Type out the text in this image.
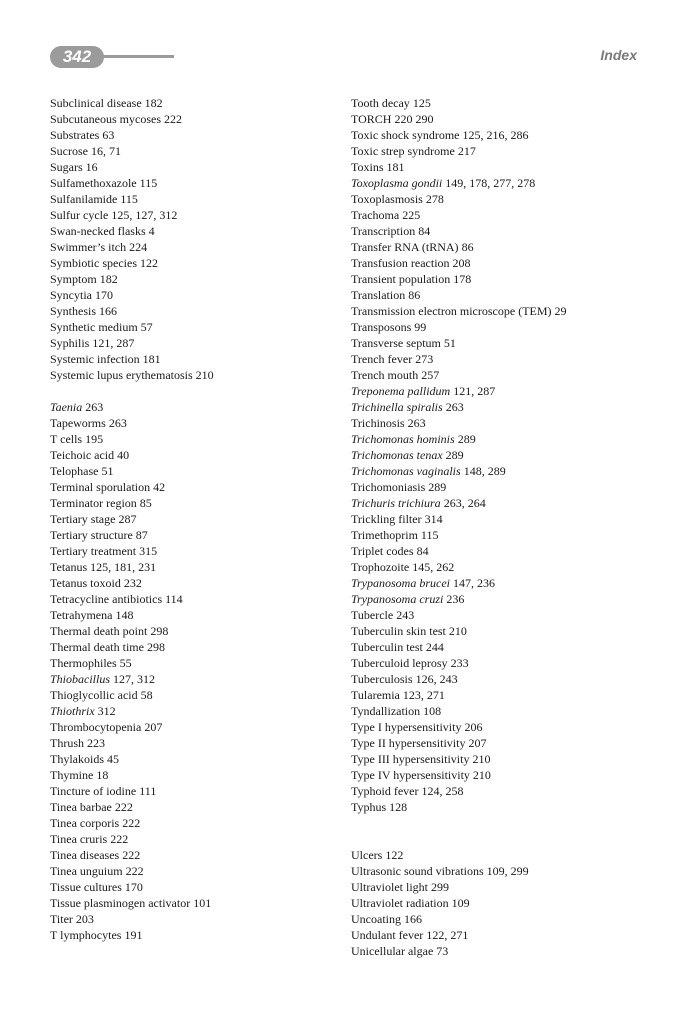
342	Index
Subclinical disease 182
Subcutaneous mycoses 222
Substrates 63
Sucrose 16, 71
Sugars 16
Sulfamethoxazole 115
Sulfanilamide 115
Sulfur cycle 125, 127, 312
Swan-necked flasks 4
Swimmer’s itch 224
Symbiotic species 122
Symptom 182
Syncytia 170
Synthesis 166
Synthetic medium 57
Syphilis 121, 287
Systemic infection 181
Systemic lupus erythematosis 210
Taenia 263
Tapeworms 263
T cells 195
Teichoic acid 40
Telophase 51
Terminal sporulation 42
Terminator region 85
Tertiary stage 287
Tertiary structure 87
Tertiary treatment 315
Tetanus 125, 181, 231
Tetanus toxoid 232
Tetracycline antibiotics 114
Tetrahymena 148
Thermal death point 298
Thermal death time 298
Thermophiles 55
Thiobacillus 127, 312
Thioglycollic acid 58
Thiothrix 312
Thrombocytopenia 207
Thrush 223
Thylakoids 45
Thymine 18
Tincture of iodine 111
Tinea barbae 222
Tinea corporis 222
Tinea cruris 222
Tinea diseases 222
Tinea unguium 222
Tissue cultures 170
Tissue plasminogen activator 101
Titer 203
T lymphocytes 191
Tooth decay 125
TORCH 220 290
Toxic shock syndrome 125, 216, 286
Toxic strep syndrome 217
Toxins 181
Toxoplasma gondii 149, 178, 277, 278
Toxoplasmosis 278
Trachoma 225
Transcription 84
Transfer RNA (tRNA) 86
Transfusion reaction 208
Transient population 178
Translation 86
Transmission electron microscope (TEM) 29
Transposons 99
Transverse septum 51
Trench fever 273
Trench mouth 257
Treponema pallidum 121, 287
Trichinella spiralis 263
Trichinosis 263
Trichomonas hominis 289
Trichomonas tenax 289
Trichomonas vaginalis 148, 289
Trichomoniasis 289
Trichuris trichiura 263, 264
Trickling filter 314
Trimethoprim 115
Triplet codes 84
Trophozoite 145, 262
Trypanosoma brucei 147, 236
Trypanosoma cruzi 236
Tubercle 243
Tuberculin skin test 210
Tuberculin test 244
Tuberculoid leprosy 233
Tuberculosis 126, 243
Tularemia 123, 271
Tyndallization 108
Type I hypersensitivity 206
Type II hypersensitivity 207
Type III hypersensitivity 210
Type IV hypersensitivity 210
Typhoid fever 124, 258
Typhus 128
Ulcers 122
Ultrasonic sound vibrations 109, 299
Ultraviolet light 299
Ultraviolet radiation 109
Uncoating 166
Undulant fever 122, 271
Unicellular algae 73
